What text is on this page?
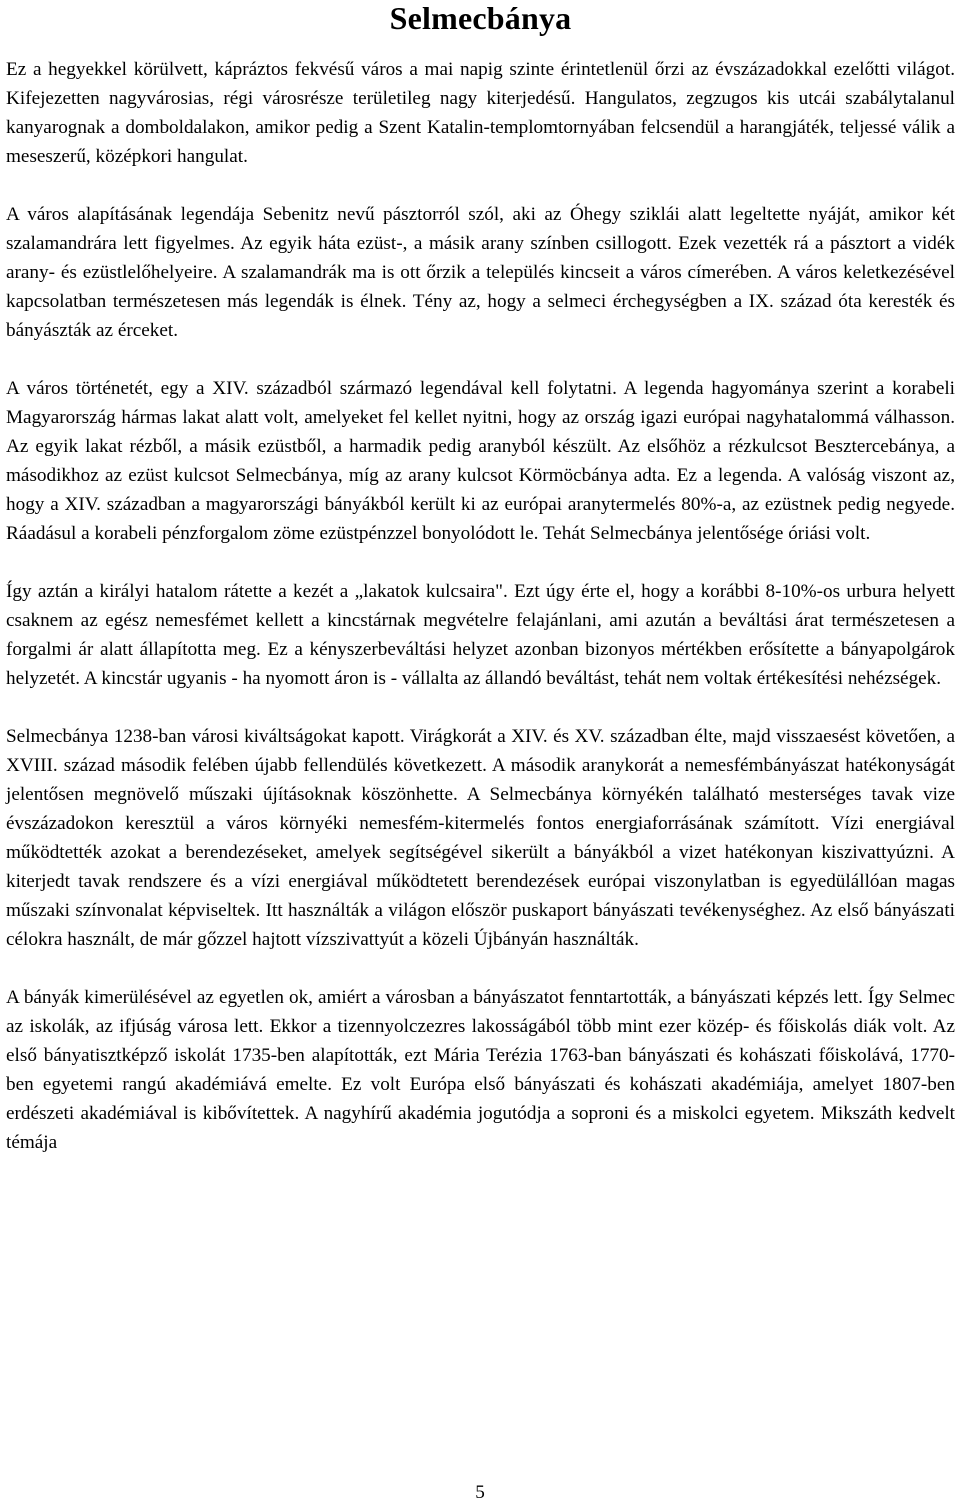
Selmecbánya

Ez a hegyekkel körülvett, kápráztos fekvésű város a mai napig szinte érintetlenül őrzi az évszázadokkal ezelőtti világot. Kifejezetten nagyvárosias, régi városrésze területileg nagy kiterjedésű. Hangulatos, zegzugos kis utcái szabálytalanul kanyarognak a domboldalakon, amikor pedig a Szent Katalin-templomtornyában felcsendül a harangjáték, teljessé válik a meseszerű, középkori hangulat.

A város alapításának legendája Sebenitz nevű pásztorról szól, aki az Óhegy sziklái alatt legeltette nyáját, amikor két szalamandrára lett figyelmes. Az egyik háta ezüst-, a másik arany színben csillogott. Ezek vezették rá a pásztort a vidék arany- és ezüstlelőhelyeire. A szalamandrák ma is ott őrzik a település kincseit a város címerében. A város keletkezésével kapcsolatban természetesen más legendák is élnek. Tény az, hogy a selmeci érchegységben a IX. század óta keresték és bányászták az érceket.

A város történetét, egy a XIV. századból származó legendával kell folytatni. A legenda hagyománya szerint a korabeli Magyarország hármas lakat alatt volt, amelyeket fel kellet nyitni, hogy az ország igazi európai nagyhatalommá válhasson. Az egyik lakat rézből, a másik ezüstből, a harmadik pedig aranyból készült. Az elsőhöz a rézkulcsot Besztercebánya, a másodikhoz az ezüst kulcsot Selmecbánya, míg az arany kulcsot Körmöcbánya adta. Ez a legenda. A valóság viszont az, hogy a XIV. században a magyarországi bányákból került ki az európai aranytermelés 80%-a, az ezüstnek pedig negyede. Ráadásul a korabeli pénzforgalom zöme ezüstpénzzel bonyolódott le. Tehát Selmecbánya jelentősége óriási volt.

Így aztán a királyi hatalom rátette a kezét a „lakatok kulcsaira". Ezt úgy érte el, hogy a korábbi 8-10%-os urbura helyett csaknem az egész nemesfémet kellett a kincstárnak megvételre felajánlani, ami azután a beváltási árat természetesen a forgalmi ár alatt állapította meg. Ez a kényszerbeváltási helyzet azonban bizonyos mértékben erősítette a bányapolgárok helyzetét. A kincstár ugyanis - ha nyomott áron is - vállalta az állandó beváltást, tehát nem voltak értékesítési nehézségek.

Selmecbánya 1238-ban városi kiváltságokat kapott. Virágkorát a XIV. és XV. században élte, majd visszaesést követően, a XVIII. század második felében újabb fellendülés következett. A második aranykorát a nemesfémbányászat hatékonyságát jelentősen megnövelő műszaki újításoknak köszönhette. A Selmecbánya környékén található mesterséges tavak vize évszázadokon keresztül a város környéki nemesfém-kitermelés fontos energiaforrásának számított. Vízi energiával működtették azokat a berendezéseket, amelyek segítségével sikerült a bányákból a vizet hatékonyan kiszivattyúzni. A kiterjedt tavak rendszere és a vízi energiával működtetett berendezések európai viszonylatban is egyedülállóan magas műszaki színvonalat képviseltek. Itt használták a világon először puskaport bányászati tevékenységhez. Az első bányászati célokra használt, de már gőzzel hajtott vízszivattyút a közeli Újbányán használták.

A bányák kimerülésével az egyetlen ok, amiért a városban a bányászatot fenntartották, a bányászati képzés lett. Így Selmec az iskolák, az ifjúság városa lett. Ekkor a tizennyolczezres lakosságából több mint ezer közép- és főiskolás diák volt. Az első bányatisztképző iskolát 1735-ben alapították, ezt Mária Terézia 1763-ban bányászati és kohászati főiskolává, 1770-ben egyetemi rangú akadémiává emelte. Ez volt Európa első bányászati és kohászati akadémiája, amelyet 1807-ben erdészeti akadémiával is kibővítettek. A nagyhírű akadémia jogutódja a soproni és a miskolci egyetem. Mikszáth kedvelt témája

5
